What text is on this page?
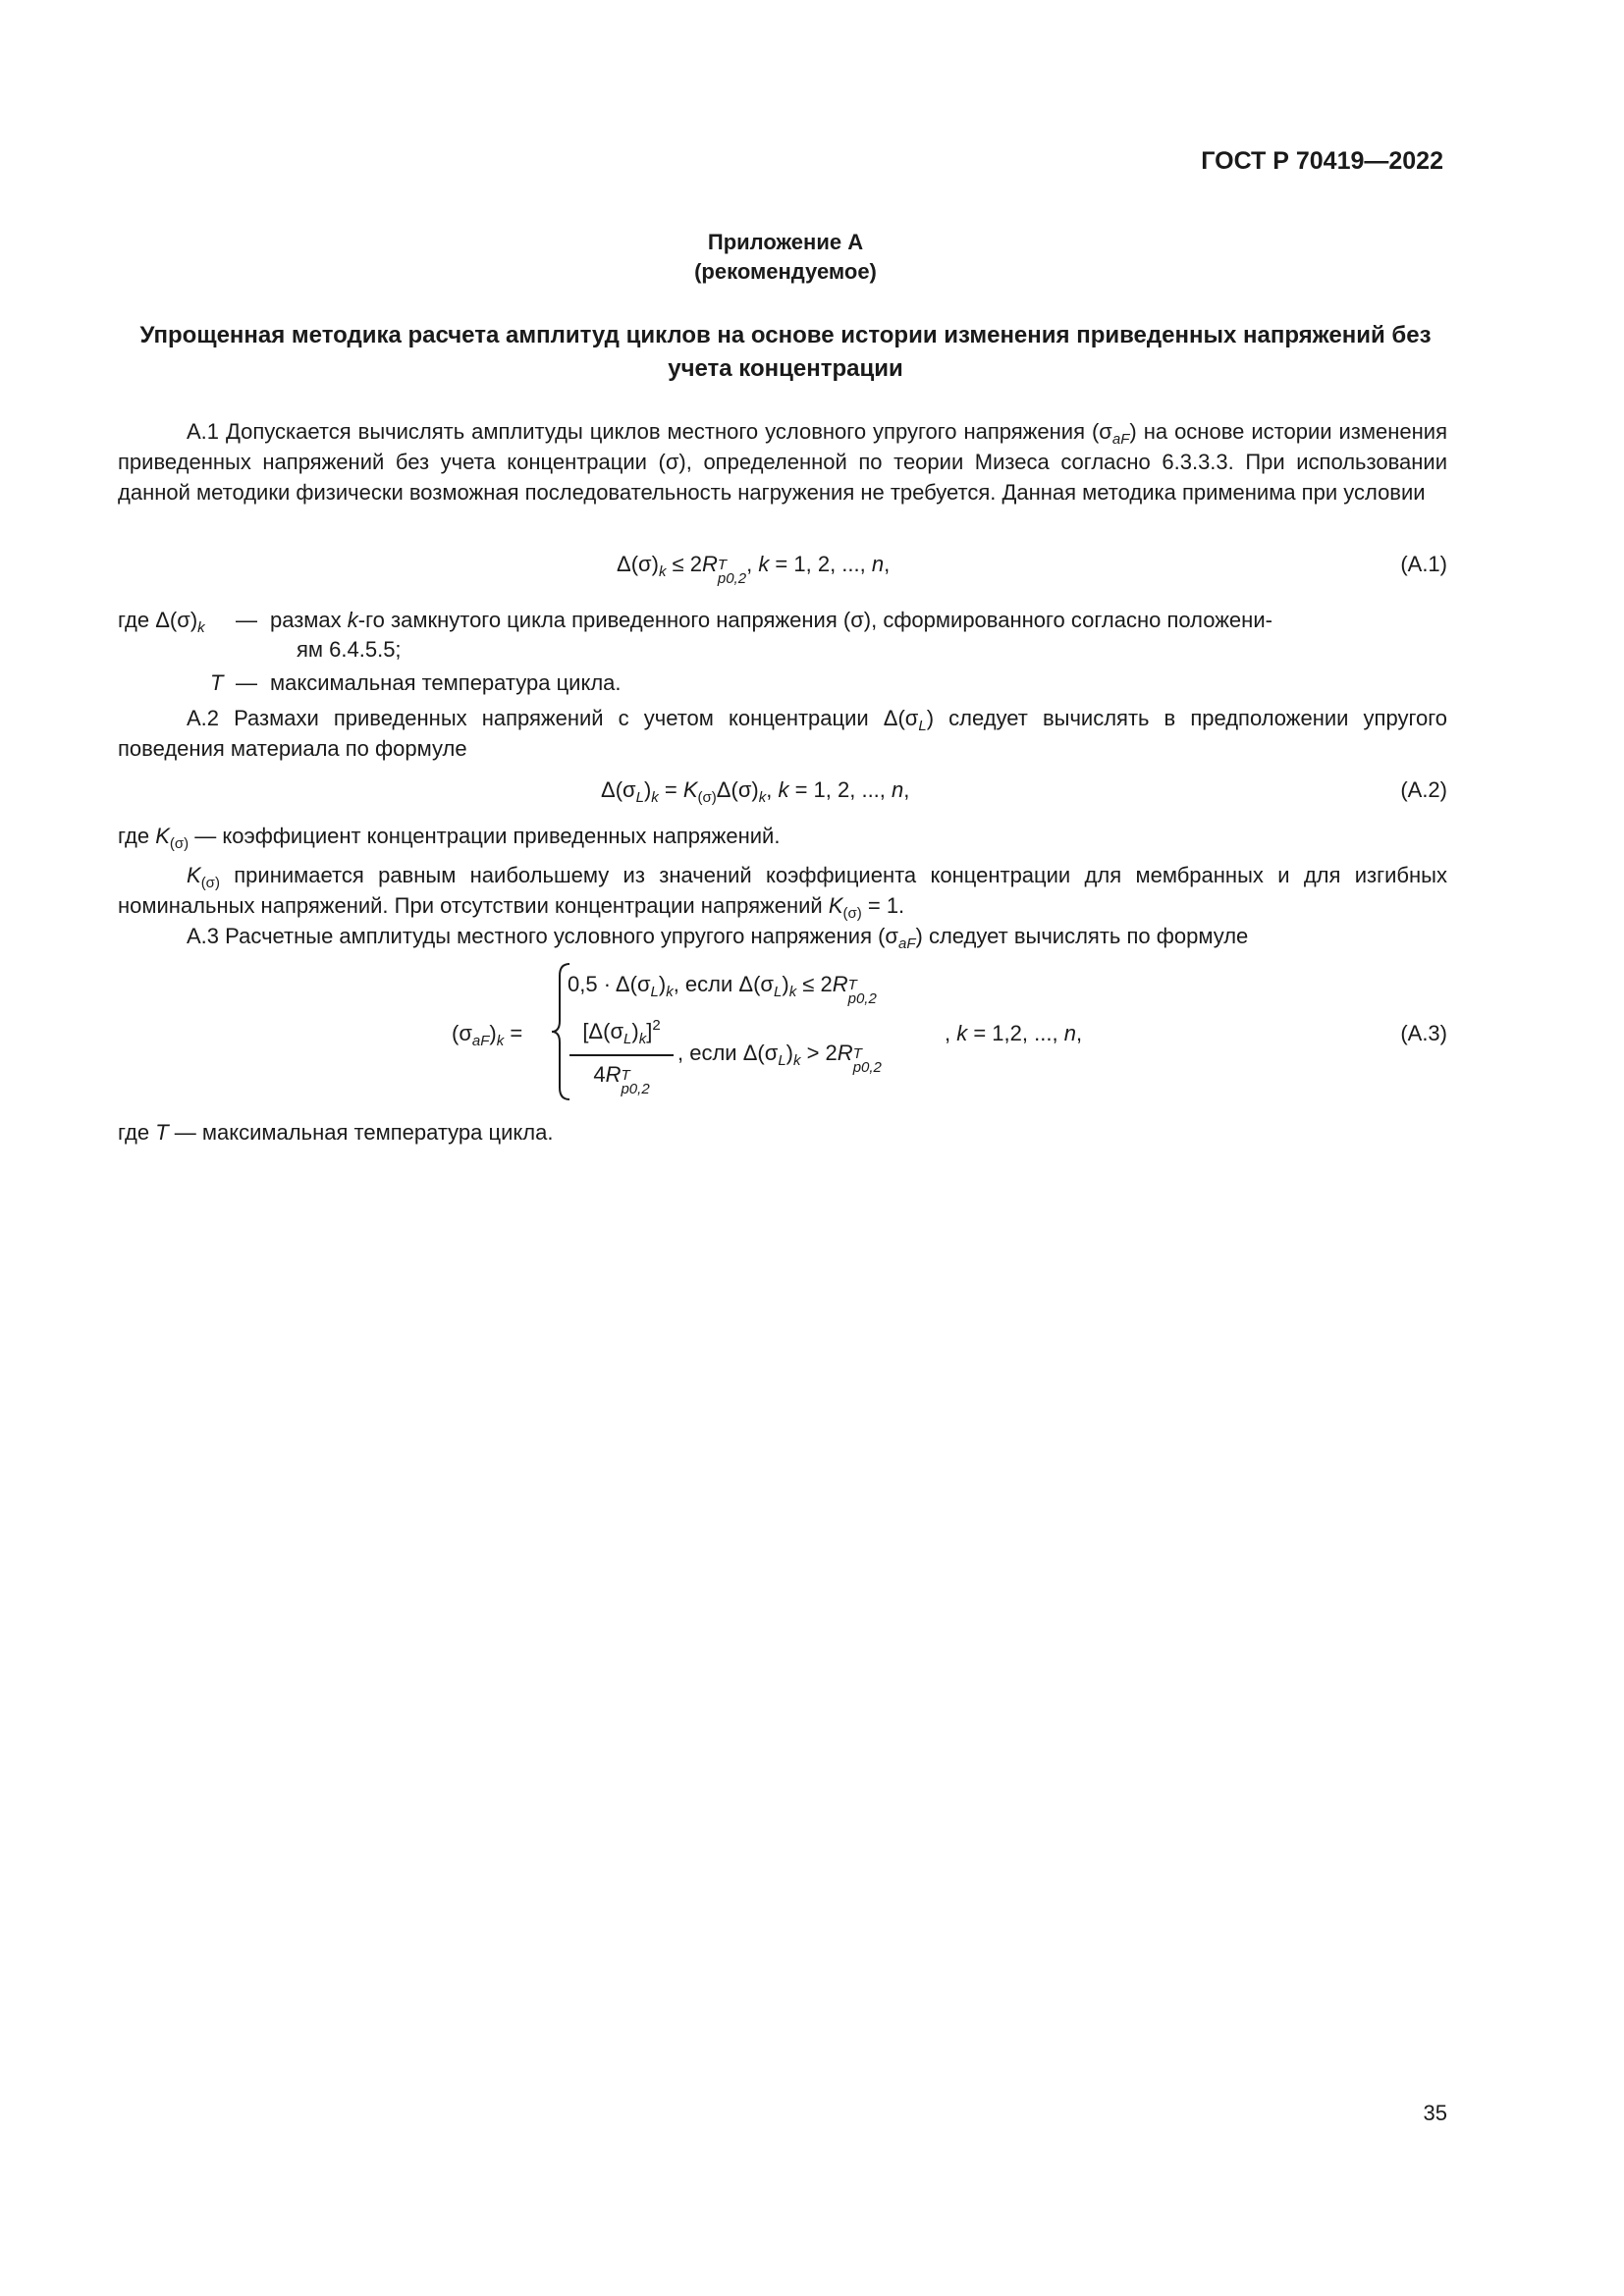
ГОСТ Р 70419—2022
Приложение А
(рекомендуемое)
Упрощенная методика расчета амплитуд циклов на основе истории изменения приведенных напряжений без учета концентрации
А.1 Допускается вычислять амплитуды циклов местного условного упругого напряжения $(\sigma_{aF})$ на основе истории изменения приведенных напряжений без учета концентрации (σ), определенной по теории Мизеса согласно 6.3.3.3. При использовании данной методики физически возможная последовательность нагружения не требуется. Данная методика применима при условии
$\Delta(\sigma)_k \le 2RT$
p0,2, k = 1, 2, ..., n,	(А.1)
где $\Delta(\sigma)_k$ — размах k-го замкнутого цикла приведенного напряжения (σ), сформированного согласно положени-
ям 6.4.5.5;
T — максимальная температура цикла.
А.2 Размахи приведенных напряжений с учетом концентрации $\Delta(\sigma_L)$ следует вычислять в предположении упругого поведения материала по формуле
$\Delta(\sigma_L)_k = K_{(\sigma)}\Delta(\sigma)_k$, k = 1, 2, ..., n,	(А.2)
где $K_{(\sigma)}$ — коэффициент концентрации приведенных напряжений.
$K_{(\sigma)}$ принимается равным наибольшему из значений коэффициента концентрации для мембранных и для изгибных номинальных напряжений. При отсутствии концентрации напряжений $K_{(\sigma)} = 1$.
А.3 Расчетные амплитуды местного условного упругого напряжения $(\sigma_{aF})$ следует вычислять по формуле
$(\sigma_{aF})_k$ =
$0,5 \cdot \Delta(\sigma_L)_k$, если $\Delta(\sigma_L)_k \le 2RT$
p0,2
$[\Delta(\sigma_L)_k]^2$
4RT
p0,2
, если $\Delta(\sigma_L)_k > 2RT$
p0,2
, k = 1,2, ..., n,	(А.3)
где T — максимальная температура цикла.
35
